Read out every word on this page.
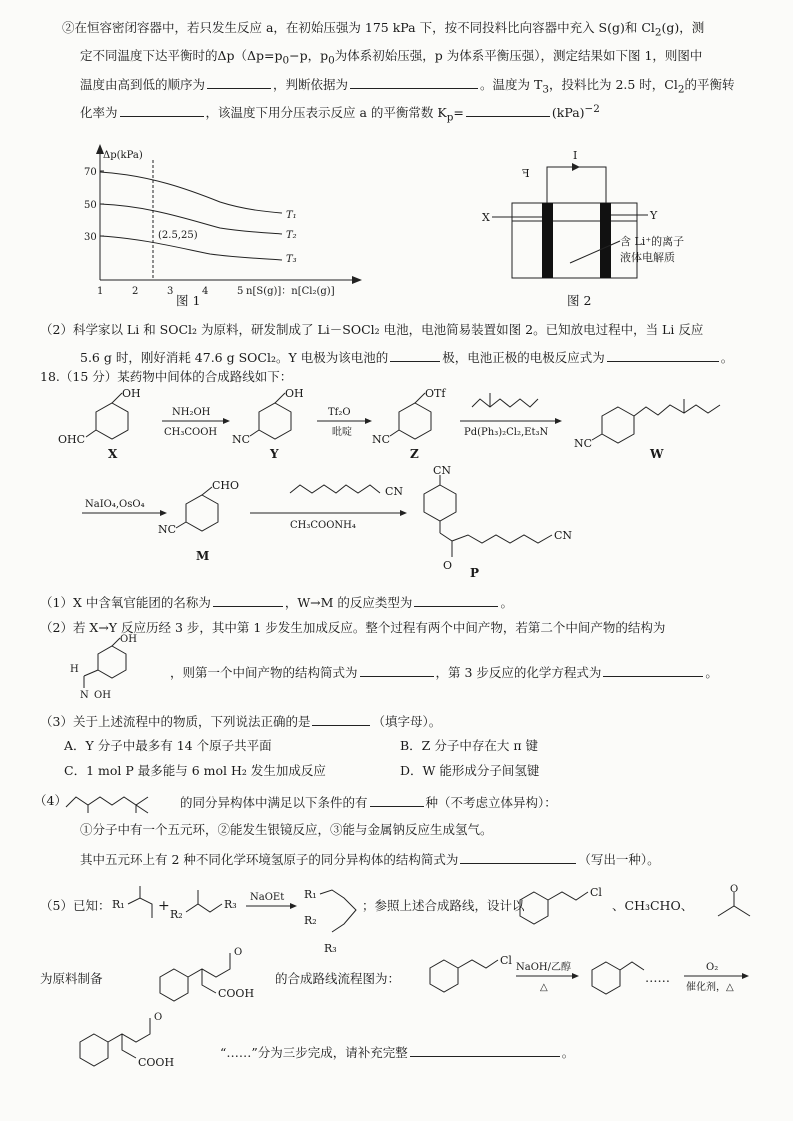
②在恒容密闭容器中，若只发生反应 a，在初始压强为 175 kPa 下，按不同投料比向容器中充入 S(g)和 $Cl_2(g)$，测
定不同温度下达平衡时的$\Delta p(\Delta p=p_0-p$，$p_0$为体系初始压强，p 为体系平衡压强），测定结果如下图 1，则图中
温度由高到低的顺序为	，判断依据为	。温度为 $T_3$，投料比为 2.5 时，$Cl_2$的平衡转
化率为	，该温度下用分压表示反应 a 的平衡常数 $K_p=$	(kPa)$^{-2}$
Δp(kPa)
70
50
30
1	2	3	4	5 n[S(g)]：n[Cl₂(g)]
T₁
T₂
T₃
(2.5,25)
图 1
ꟻ
I
X	Y
含 Li⁺的离子
液体电解质
图 2
（2）科学家以 Li 和 SOCl₂ 为原料，研发制成了 Li－SOCl₂ 电池，电池简易装置如图 2。已知放电过程中，当 Li 反应
5.6 g 时，刚好消耗 47.6 g SOCl₂。Y 电极为该电池的	极，电池正极的电极反应式为	。
18.（15 分）某药物中间体的合成路线如下：
OH
OHC
X
NH₂OH
CH₃COOH
OH
NC
Y
Tf₂O
吡啶
OTf
NC
Z
Pd(Ph₃)₂Cl₂,Et₃N
NC
W
NaIO₄,OsO₄
CHO
NC
M
CH₃COONH₄
CN
O
CN
P
CN
（1）X 中含氧官能团的名称为	，W→M 的反应类型为	。
（2）若 X→Y 反应历经 3 步，其中第 1 步发生加成反应。整个过程有两个中间产物，若第二个中间产物的结构为
OH
H
N OH
，则第一个中间产物的结构简式为	，第 3 步反应的化学方程式为	。
（3）关于上述流程中的物质，下列说法正确的是	（填字母）。
A．Y 分子中最多有 14 个原子共平面	B．Z 分子中存在大 π 键
C．1 mol P 最多能与 6 mol H₂ 发生加成反应	D．W 能形成分子间氢键
（4）	的同分异构体中满足以下条件的有	种（不考虑立体异构）：
①分子中有一个五元环，②能发生银镜反应，③能与金属钠反应生成氢气。
其中五元环上有 2 种不同化学环境氢原子的同分异构体的结构简式为	（写出一种）。
（5）已知： R₁ +
R₂
R₃
NaOEt R₁
R₂
R₃
；参照上述合成路线，设计以
Cl
、CH₃CHO、
O
为原料制备
O
COOH
的合成路线流程图为：
Cl
NaOH/乙醇
△
……
O₂
催化剂，△
O
COOH
“……”分为三步完成，请补充完整	。
